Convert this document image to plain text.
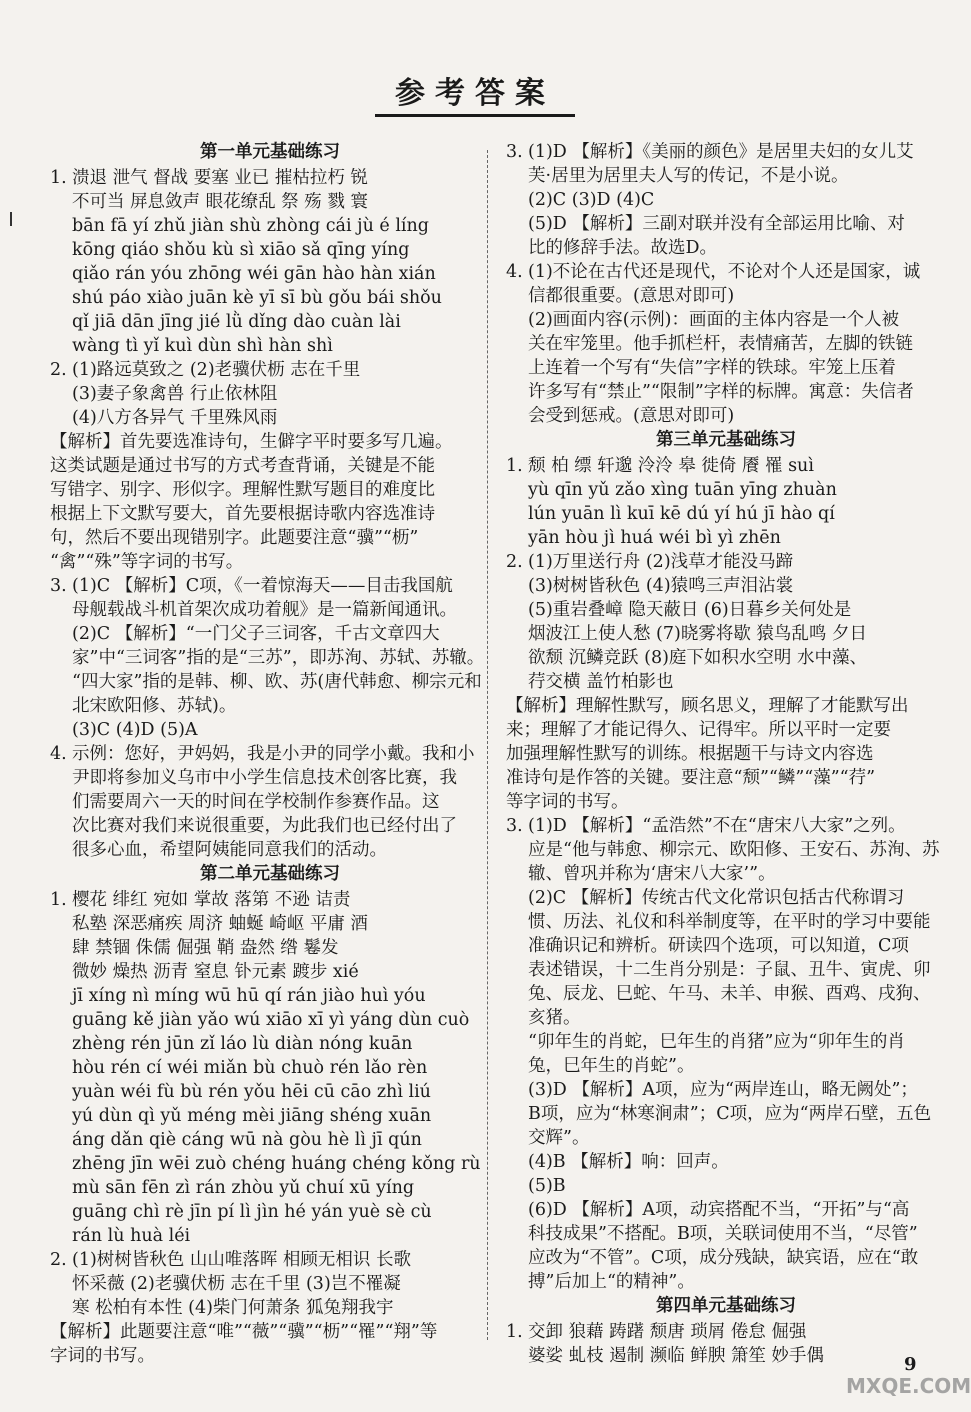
参考答案
第一单元基础练习
1. 溃退 泄气 督战 要塞 业已 摧枯拉朽 锐
不可当 屏息敛声 眼花缭乱 祭 殇 戮 寰
bān fā yí zhǔ jiàn shù zhòng cái jù é líng
kōng qiáo shǒu kù sì xiāo sǎ qīng yíng
qiǎo rán yóu zhōng wéi gān hào hàn xián
shú páo xiào juān kè yī sī bù gǒu bái shǒu
qǐ jiā dān jīng jié lǜ dǐng dào cuàn lài
wàng tì yǐ kuì dùn shì hàn shì
2. (1)路远莫致之 (2)老骥伏枥 志在千里
(3)妻子象禽兽 行止依林阻
(4)八方各异气 千里殊风雨
【解析】首先要选准诗句，生僻字平时要多写几遍。
这类试题是通过书写的方式考查背诵，关键是不能
写错字、别字、形似字。理解性默写题目的难度比
根据上下文默写要大，首先要根据诗歌内容选准诗
句，然后不要出现错别字。此题要注意“骥”“枥”
“禽”“殊”等字词的书写。
3. (1)C 【解析】C项，《一着惊海天——目击我国航
母舰载战斗机首架次成功着舰》是一篇新闻通讯。
(2)C 【解析】“一门父子三词客，千古文章四大
家”中“三词客”指的是“三苏”，即苏洵、苏轼、苏辙。
“四大家”指的是韩、柳、欧、苏(唐代韩愈、柳宗元和
北宋欧阳修、苏轼)。
(3)C (4)D (5)A
4. 示例：您好，尹妈妈，我是小尹的同学小戴。我和小
尹即将参加义乌市中小学生信息技术创客比赛，我
们需要周六一天的时间在学校制作参赛作品。这
次比赛对我们来说很重要，为此我们也已经付出了
很多心血，希望阿姨能同意我们的活动。
第二单元基础练习
1. 樱花 绯红 宛如 掌故 落第 不逊 诘责
私塾 深恶痛疾 周济 蚰蜒 崎岖 平庸 酒
肆 禁锢 侏儒 倔强 鞘 盎然 绺 鬈发
微妙 燥热 沥青 窒息 钋元素 踱步 xié
jī xíng nì míng wū hū qí rán jiào huì yóu
guāng kě jiàn yǎo wú xiāo xī yì yáng dùn cuò
zhèng rén jūn zǐ láo lù diàn nóng kuān
hòu rén cí wéi miǎn bù chuò rén lǎo rèn
yuàn wéi fù bù rén yǒu hēi cū cāo zhì liú
yú dùn qì yǔ méng mèi jiāng shéng xuān
áng dǎn qiè cáng wū nà gòu hè lì jī qún
zhēng jīn wēi zuò chéng huáng chéng kǒng rù
mù sān fēn zì rán zhòu yǔ chuí xū yíng
guāng chì rè jīn pí lì jìn hé yán yuè sè cù
rán lù huà léi
2. (1)树树皆秋色 山山唯落晖 相顾无相识 长歌
怀采薇 (2)老骥伏枥 志在千里 (3)岂不罹凝
寒 松柏有本性 (4)柴门何萧条 狐兔翔我宇
【解析】此题要注意“唯”“薇”“骥”“枥”“罹”“翔”等
字词的书写。
3. (1)D 【解析】《美丽的颜色》是居里夫妇的女儿艾
芙·居里为居里夫人写的传记，不是小说。
(2)C (3)D (4)C
(5)D 【解析】三副对联并没有全部运用比喻、对
比的修辞手法。故选D。
4. (1)不论在古代还是现代，不论对个人还是国家，诚
信都很重要。(意思对即可)
(2)画面内容(示例)：画面的主体内容是一个人被
关在牢笼里。他手抓栏杆，表情痛苦，左脚的铁链
上连着一个写有“失信”字样的铁球。牢笼上压着
许多写有“禁止”“限制”字样的标牌。寓意：失信者
会受到惩戒。(意思对即可)
第三单元基础练习
1. 颓 柏 缥 轩邈 泠泠 皋 徙倚 餍 罹 suì
yù qīn yǔ zǎo xìng tuān yīng zhuàn
lún yuān lì kuī kē dú yí hú jī hào qí
yān hòu jì huá wéi bì yì zhēn
2. (1)万里送行舟 (2)浅草才能没马蹄
(3)树树皆秋色 (4)猿鸣三声泪沾裳
(5)重岩叠嶂 隐天蔽日 (6)日暮乡关何处是
烟波江上使人愁 (7)晓雾将歇 猿鸟乱鸣 夕日
欲颓 沉鳞竞跃 (8)庭下如积水空明 水中藻、
荇交横 盖竹柏影也
【解析】理解性默写，顾名思义，理解了才能默写出
来；理解了才能记得久、记得牢。所以平时一定要
加强理解性默写的训练。根据题干与诗文内容选
准诗句是作答的关键。要注意“颓”“鳞”“藻”“荇”
等字词的书写。
3. (1)D 【解析】“孟浩然”不在“唐宋八大家”之列。
应是“他与韩愈、柳宗元、欧阳修、王安石、苏洵、苏
辙、曾巩并称为‘唐宋八大家’”。
(2)C 【解析】传统古代文化常识包括古代称谓习
惯、历法、礼仪和科举制度等，在平时的学习中要能
准确识记和辨析。研读四个选项，可以知道，C项
表述错误，十二生肖分别是：子鼠、丑牛、寅虎、卯
兔、辰龙、巳蛇、午马、未羊、申猴、酉鸡、戌狗、亥猪。
“卯年生的肖蛇，巳年生的肖猪”应为“卯年生的肖
兔，巳年生的肖蛇”。
(3)D 【解析】A项，应为“两岸连山，略无阙处”；
B项，应为“林寒涧肃”；C项，应为“两岸石壁，五色交辉”。
(4)B 【解析】响：回声。
(5)B
(6)D 【解析】A项，动宾搭配不当，“开拓”与“高
科技成果”不搭配。B项，关联词使用不当，“尽管”
应改为“不管”。C项，成分残缺，缺宾语，应在“敢
搏”后加上“的精神”。
第四单元基础练习
1. 交卸 狼藉 踌躇 颓唐 琐屑 倦怠 倔强
婆娑 虬枝 遏制 濒临 鲜腴 箫笙 妙手偶	9
MXQE.COM
